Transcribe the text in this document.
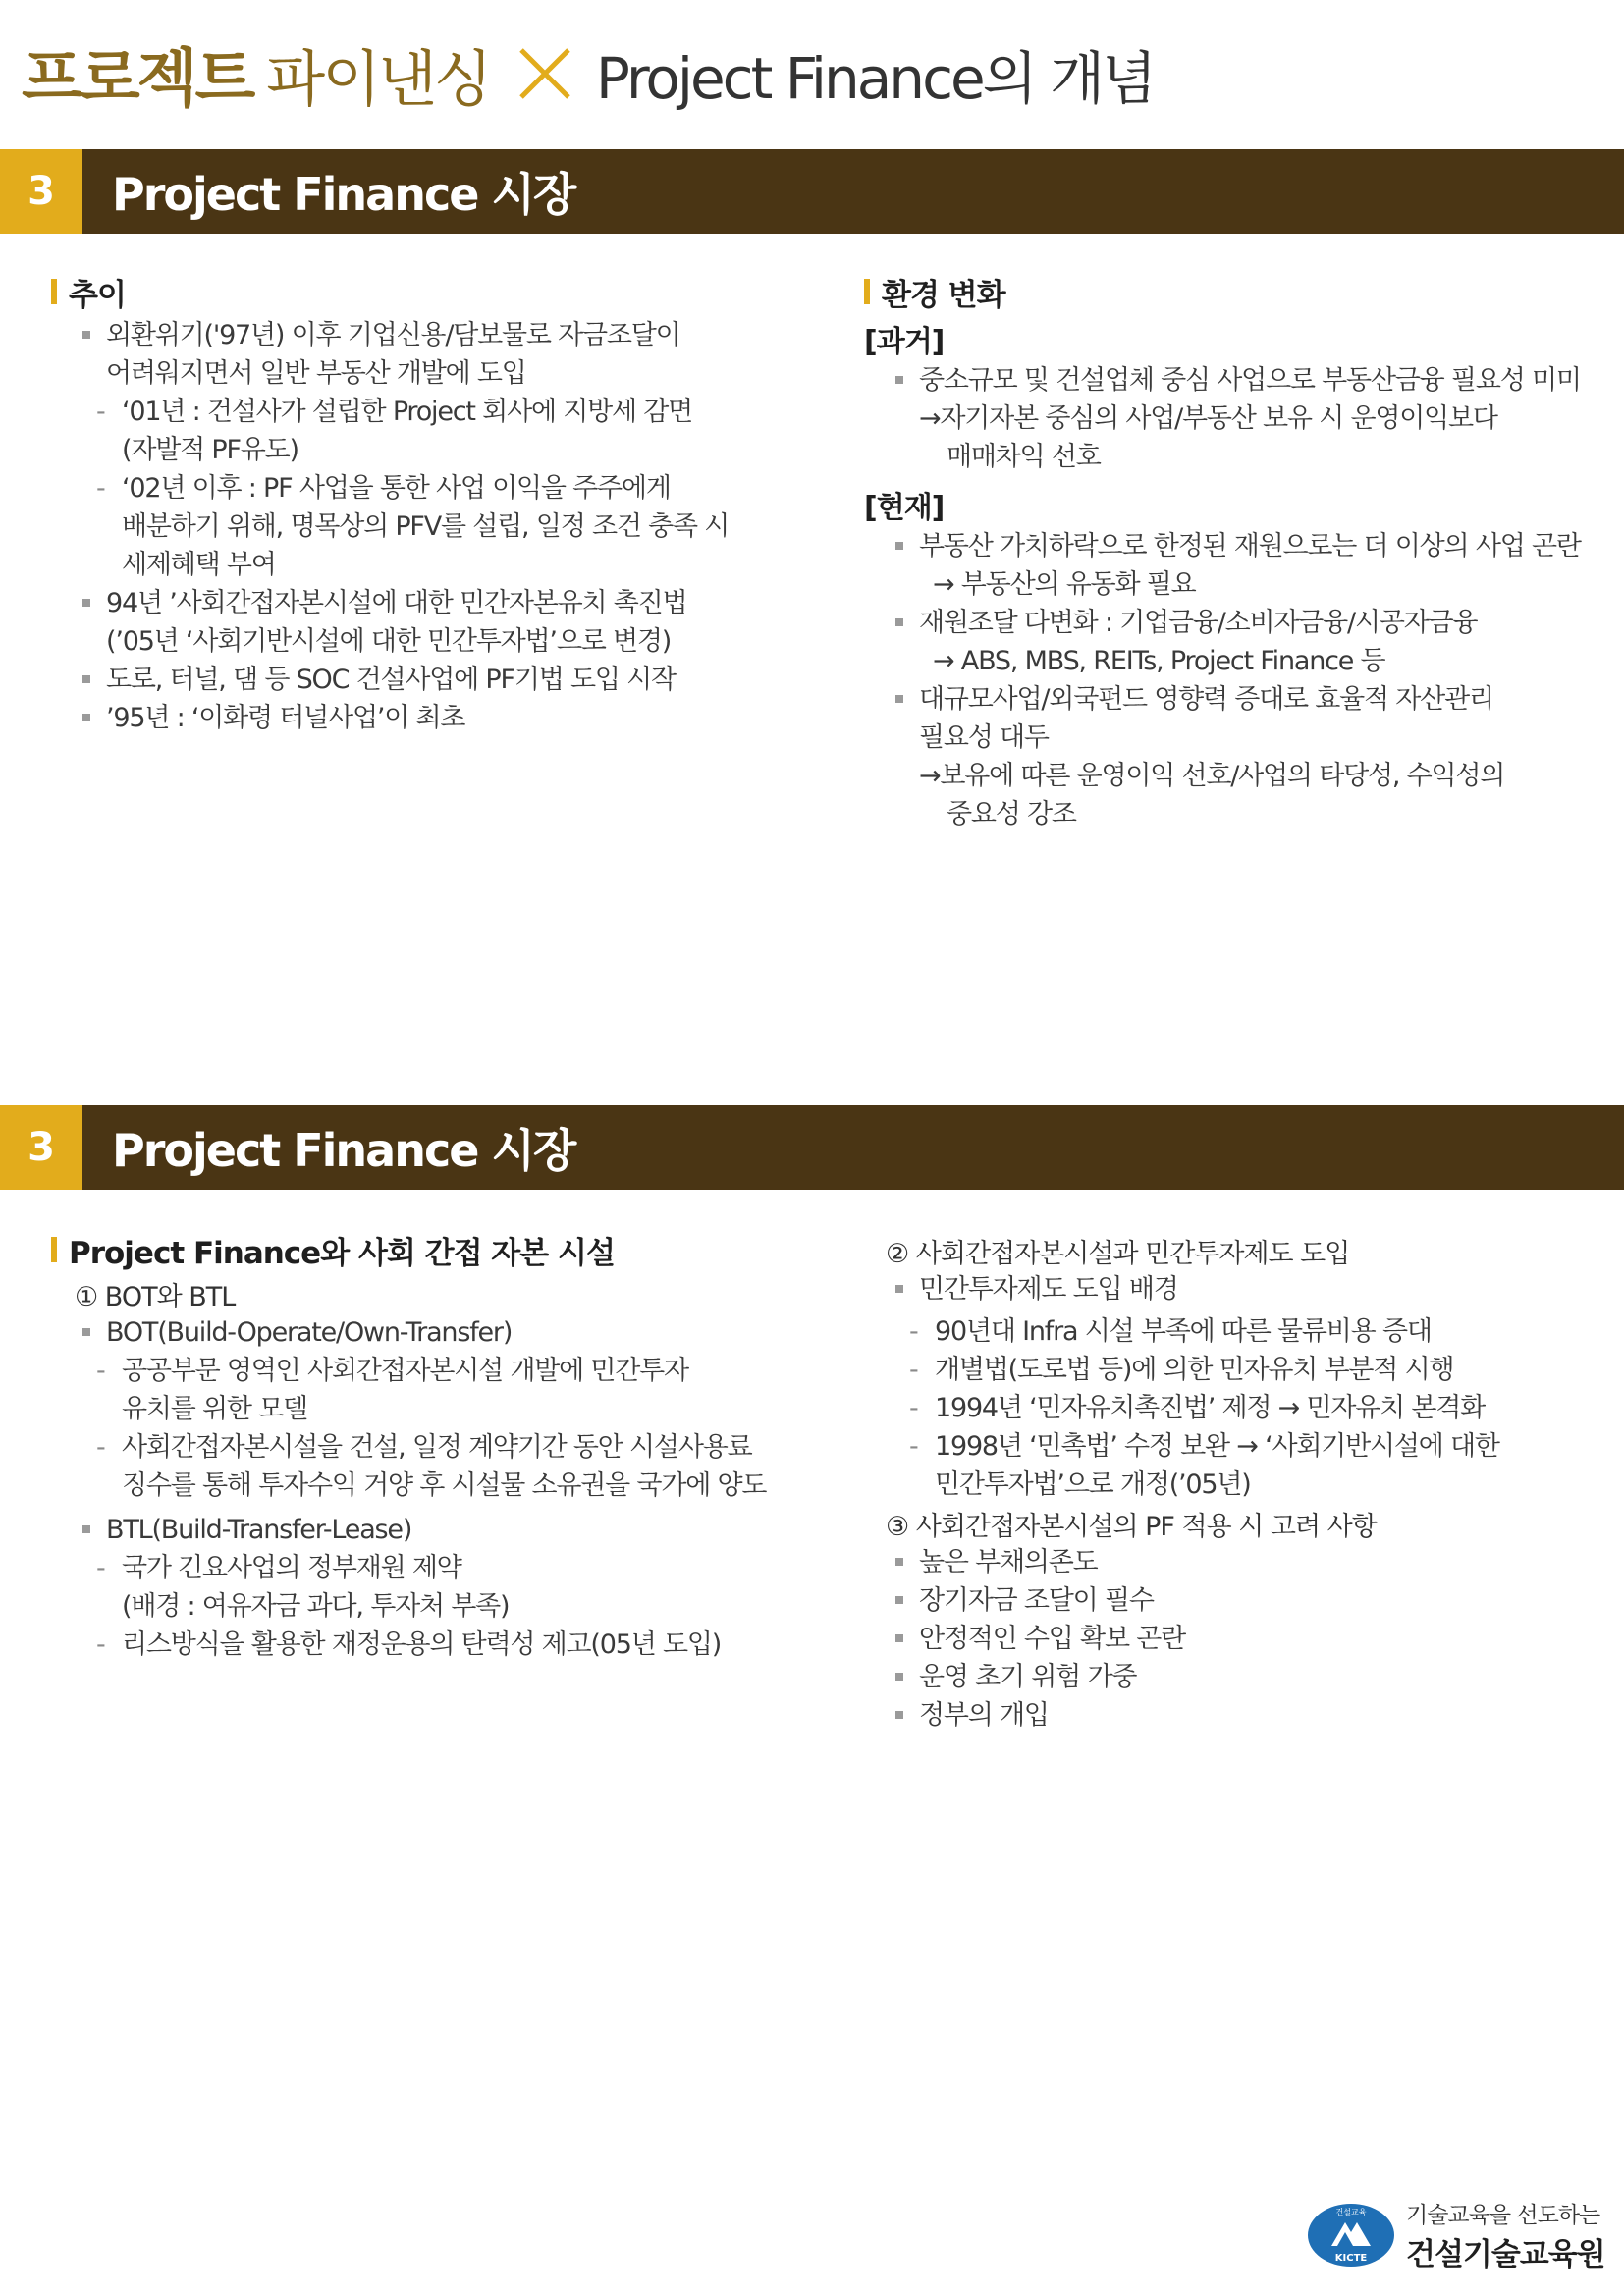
프로젝트 파이낸싱 Project Finance의 개념
3	Project Finance 시장
추이
외환위기('97년) 이후 기업신용/담보물로 자금조달이
어려워지면서 일반 부동산 개발에 도입
- ‘01년 : 건설사가 설립한 Project 회사에 지방세 감면
(자발적 PF유도)
- ‘02년 이후 : PF 사업을 통한 사업 이익을 주주에게
배분하기 위해, 명목상의 PFV를 설립, 일정 조건 충족 시
세제혜택 부여
94년 ’사회간접자본시설에 대한 민간자본유치 촉진법
(’05년 ‘사회기반시설에 대한 민간투자법’으로 변경)
도로, 터널, 댐 등 SOC 건설사업에 PF기법 도입 시작
’95년 : ‘이화령 터널사업’이 최초
환경 변화
[과거]
중소규모 및 건설업체 중심 사업으로 부동산금융 필요성 미미
→자기자본 중심의 사업/부동산 보유 시 운영이익보다
매매차익 선호
[현재]
부동산 가치하락으로 한정된 재원으로는 더 이상의 사업 곤란
→ 부동산의 유동화 필요
재원조달 다변화 : 기업금융/소비자금융/시공자금융
→ ABS, MBS, REITs, Project Finance 등
대규모사업/외국펀드 영향력 증대로 효율적 자산관리
필요성 대두
→보유에 따른 운영이익 선호/사업의 타당성, 수익성의
중요성 강조
3	Project Finance 시장
Project Finance와 사회 간접 자본 시설
① BOT와 BTL
BOT(Build-Operate/Own-Transfer)
- 공공부문 영역인 사회간접자본시설 개발에 민간투자
유치를 위한 모델
- 사회간접자본시설을 건설, 일정 계약기간 동안 시설사용료
징수를 통해 투자수익 거양 후 시설물 소유권을 국가에 양도
BTL(Build-Transfer-Lease)
- 국가 긴요사업의 정부재원 제약
(배경 : 여유자금 과다, 투자처 부족)
- 리스방식을 활용한 재정운용의 탄력성 제고(05년 도입)
② 사회간접자본시설과 민간투자제도 도입
민간투자제도 도입 배경
- 90년대 Infra 시설 부족에 따른 물류비용 증대
- 개별법(도로법 등)에 의한 민자유치 부분적 시행
- 1994년 ‘민자유치촉진법’ 제정 → 민자유치 본격화
- 1998년 ‘민촉법’ 수정 보완 → ‘사회기반시설에 대한
민간투자법’으로 개정(’05년)
③ 사회간접자본시설의 PF 적용 시 고려 사항
높은 부채의존도
장기자금 조달이 필수
안정적인 수입 확보 곤란
운영 초기 위험 가중
정부의 개입
KICTE
건설교육 기술교육을 선도하는
건설기술교육원
